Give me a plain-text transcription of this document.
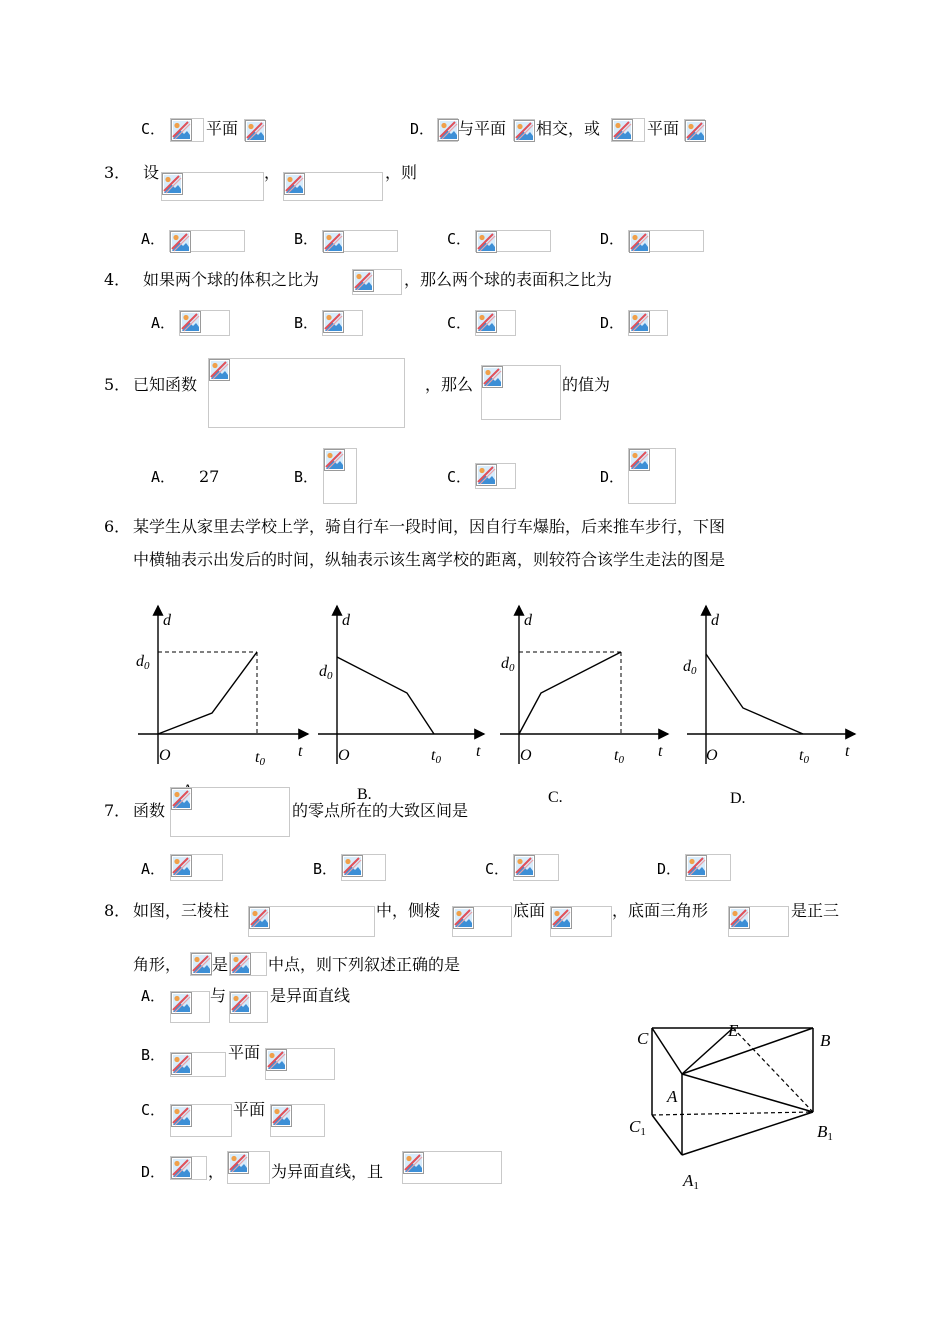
C．	平面	D． 与平面 相交，或	平面
3． 设	，	，则
A．	B．	C．	D．
4． 如果两个球的体积之比为	，那么两个球的表面积之比为
A．	B．	C．	D．
5． 已知函数	，那么	的值为
A． 27	B．	C．	D．
6． 某学生从家里去学校上学，骑自行车一段时间，因自行车爆胎，后来推车步行，下图
中横轴表示出发后的时间，纵轴表示该生离学校的距离，则较符合该学生走法的图是
d
d0
O	t0
t
d
d0
O	t0 t
d
d0
O	t0 t
d
d0
O	t0 t
B.	C.	D.
7． 函数	的零点所在的大致区间是
A．	B．	C．	D．
8． 如图，三棱柱	中，侧棱	底面	，底面三角形	是正三
角形， 是 中点，则下列叙述正确的是
A．	与	是异面直线
B．	平面
C．	平面
D．	，	为异面直线，且
C	E
B
A
C1	B1
A1
